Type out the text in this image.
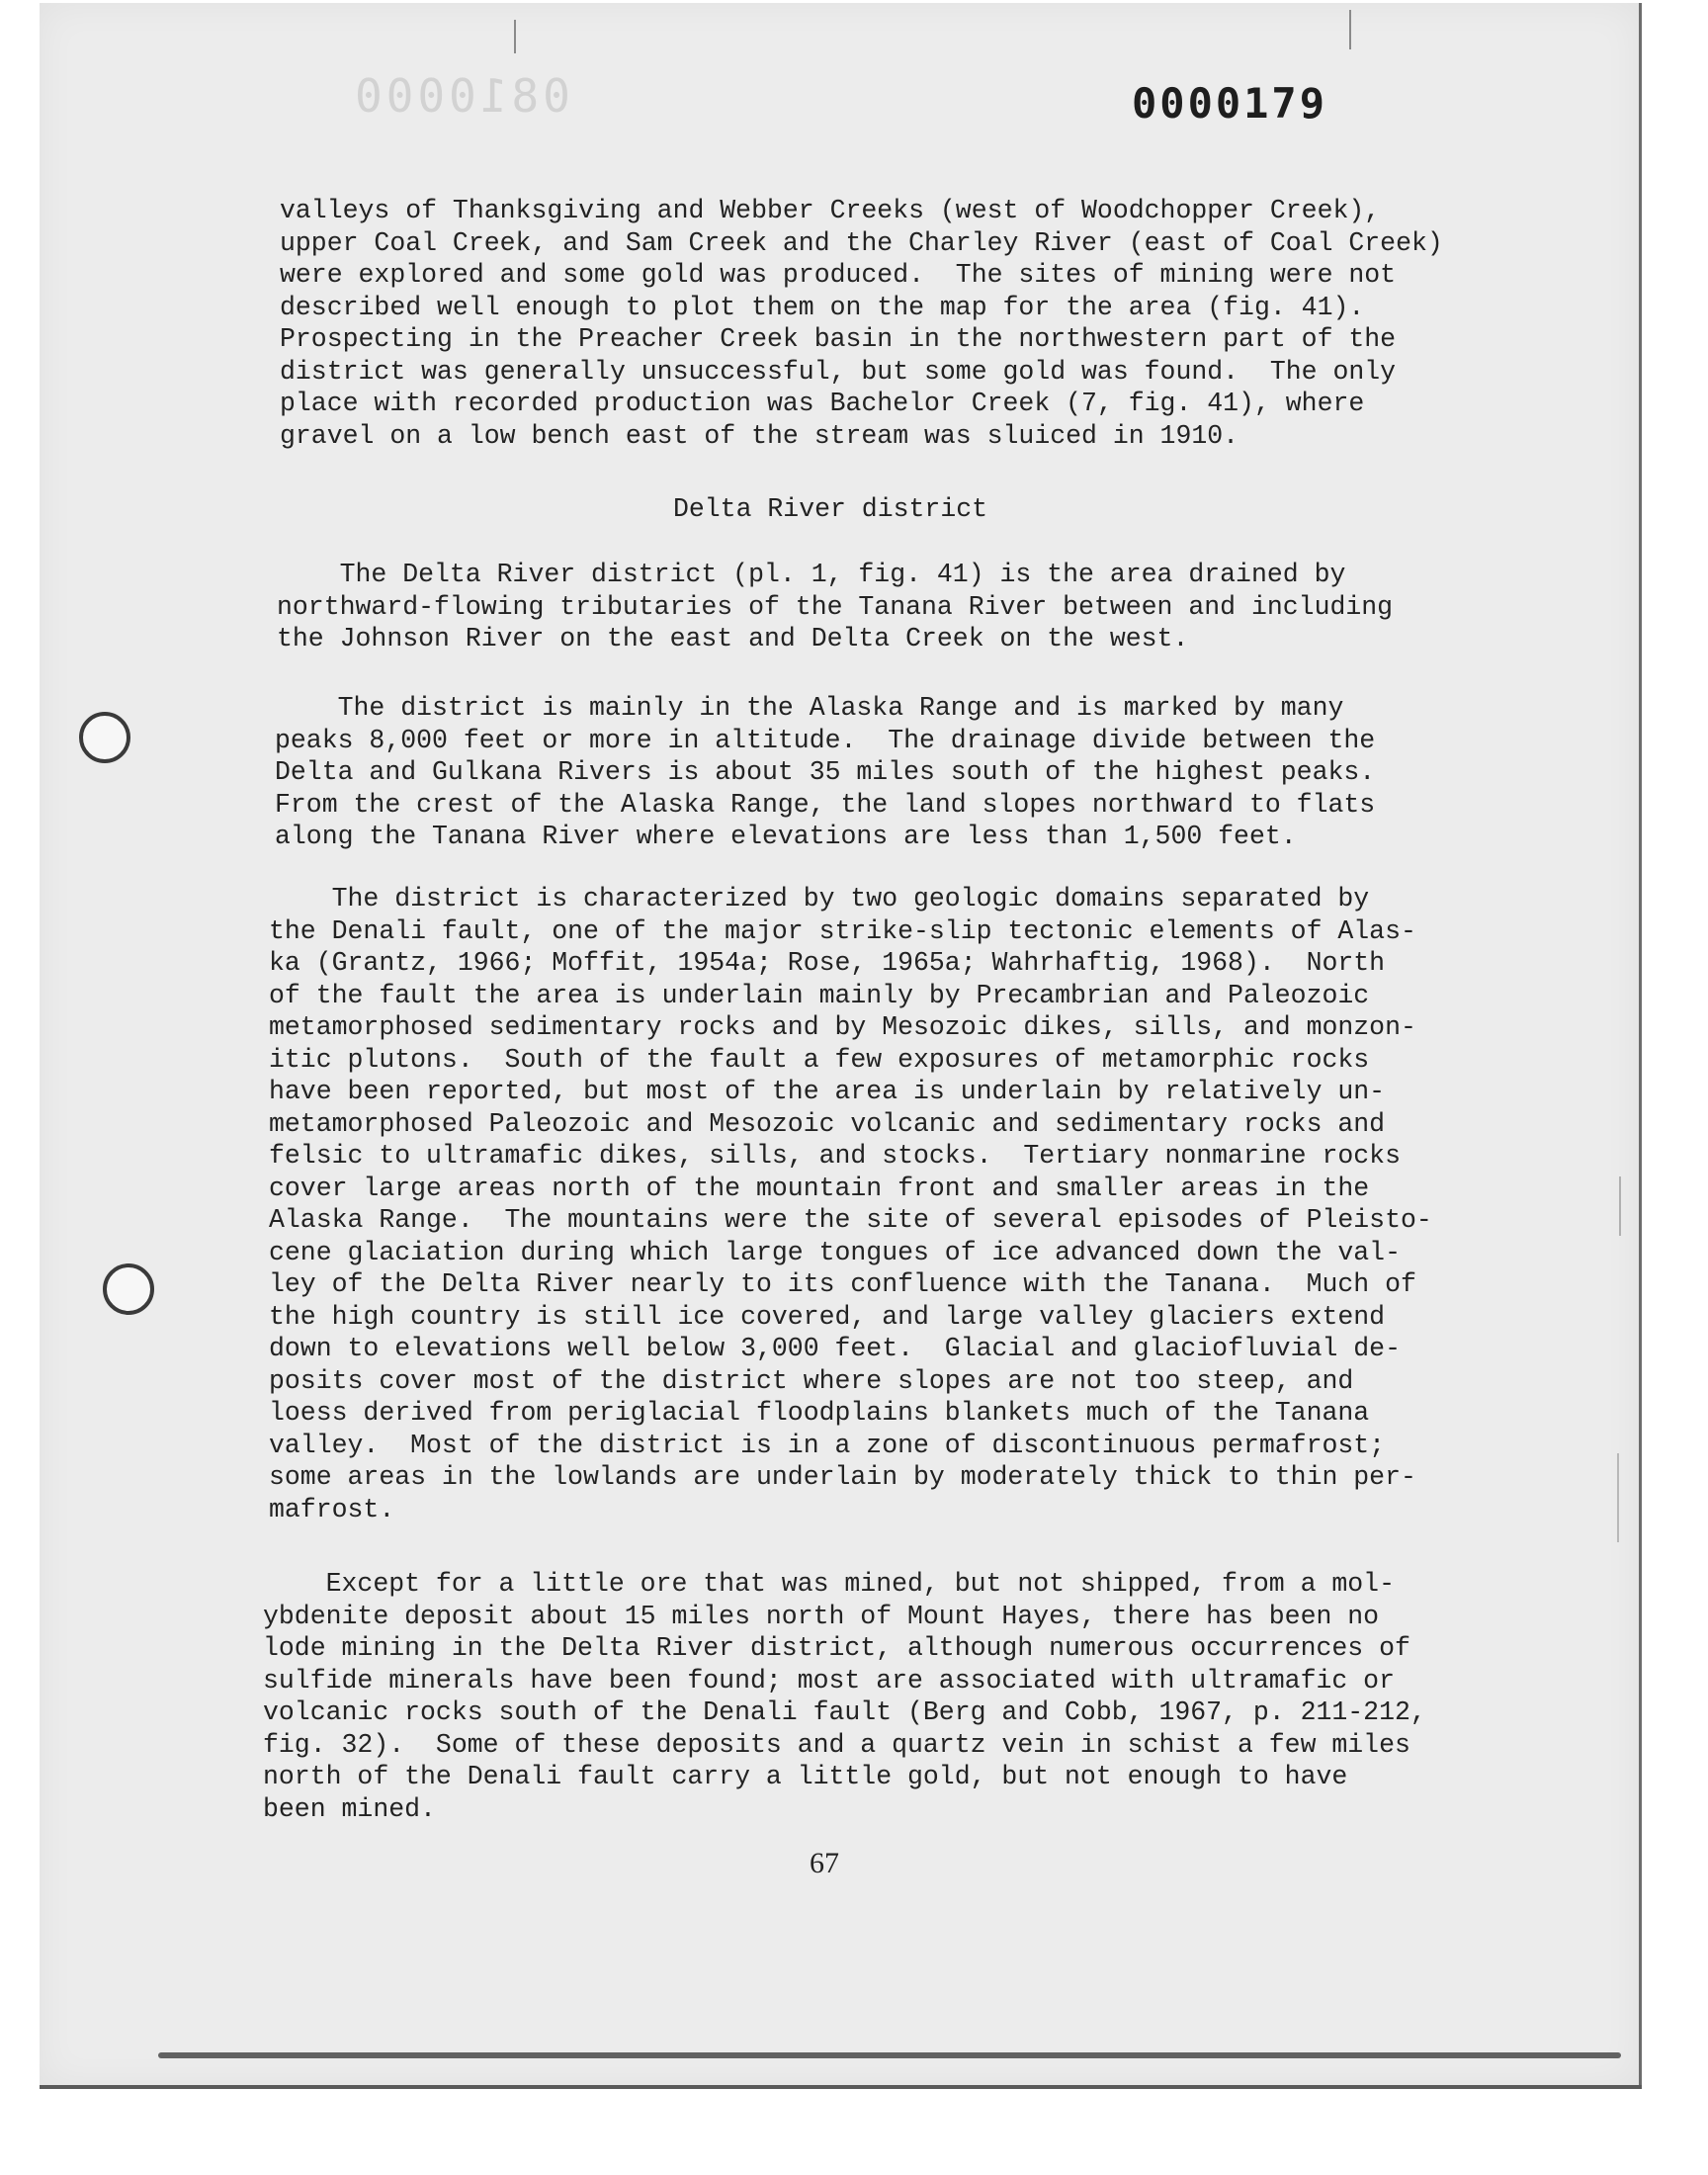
0810000	0000179
valleys of Thanksgiving and Webber Creeks (west of Woodchopper Creek),
upper Coal Creek, and Sam Creek and the Charley River (east of Coal Creek)
were explored and some gold was produced.  The sites of mining were not
described well enough to plot them on the map for the area (fig. 41).
Prospecting in the Preacher Creek basin in the northwestern part of the
district was generally unsuccessful, but some gold was found.  The only
place with recorded production was Bachelor Creek (7, fig. 41), where
gravel on a low bench east of the stream was sluiced in 1910.

Delta River district

The Delta River district (pl. 1, fig. 41) is the area drained by
northward-flowing tributaries of the Tanana River between and including
the Johnson River on the east and Delta Creek on the west.
The district is mainly in the Alaska Range and is marked by many
peaks 8,000 feet or more in altitude.  The drainage divide between the
Delta and Gulkana Rivers is about 35 miles south of the highest peaks.
From the crest of the Alaska Range, the land slopes northward to flats
along the Tanana River where elevations are less than 1,500 feet.
The district is characterized by two geologic domains separated by
the Denali fault, one of the major strike-slip tectonic elements of Alas-
ka (Grantz, 1966; Moffit, 1954a; Rose, 1965a; Wahrhaftig, 1968).  North
of the fault the area is underlain mainly by Precambrian and Paleozoic
metamorphosed sedimentary rocks and by Mesozoic dikes, sills, and monzon-
itic plutons.  South of the fault a few exposures of metamorphic rocks
have been reported, but most of the area is underlain by relatively un-
metamorphosed Paleozoic and Mesozoic volcanic and sedimentary rocks and
felsic to ultramafic dikes, sills, and stocks.  Tertiary nonmarine rocks
cover large areas north of the mountain front and smaller areas in the
Alaska Range.  The mountains were the site of several episodes of Pleisto-
cene glaciation during which large tongues of ice advanced down the val-
ley of the Delta River nearly to its confluence with the Tanana.  Much of
the high country is still ice covered, and large valley glaciers extend
down to elevations well below 3,000 feet.  Glacial and glaciofluvial de-
posits cover most of the district where slopes are not too steep, and
loess derived from periglacial floodplains blankets much of the Tanana
valley.  Most of the district is in a zone of discontinuous permafrost;
some areas in the lowlands are underlain by moderately thick to thin per-
mafrost.
Except for a little ore that was mined, but not shipped, from a mol-
ybdenite deposit about 15 miles north of Mount Hayes, there has been no
lode mining in the Delta River district, although numerous occurrences of
sulfide minerals have been found; most are associated with ultramafic or
volcanic rocks south of the Denali fault (Berg and Cobb, 1967, p. 211-212,
fig. 32).  Some of these deposits and a quartz vein in schist a few miles
north of the Denali fault carry a little gold, but not enough to have
been mined.

67
